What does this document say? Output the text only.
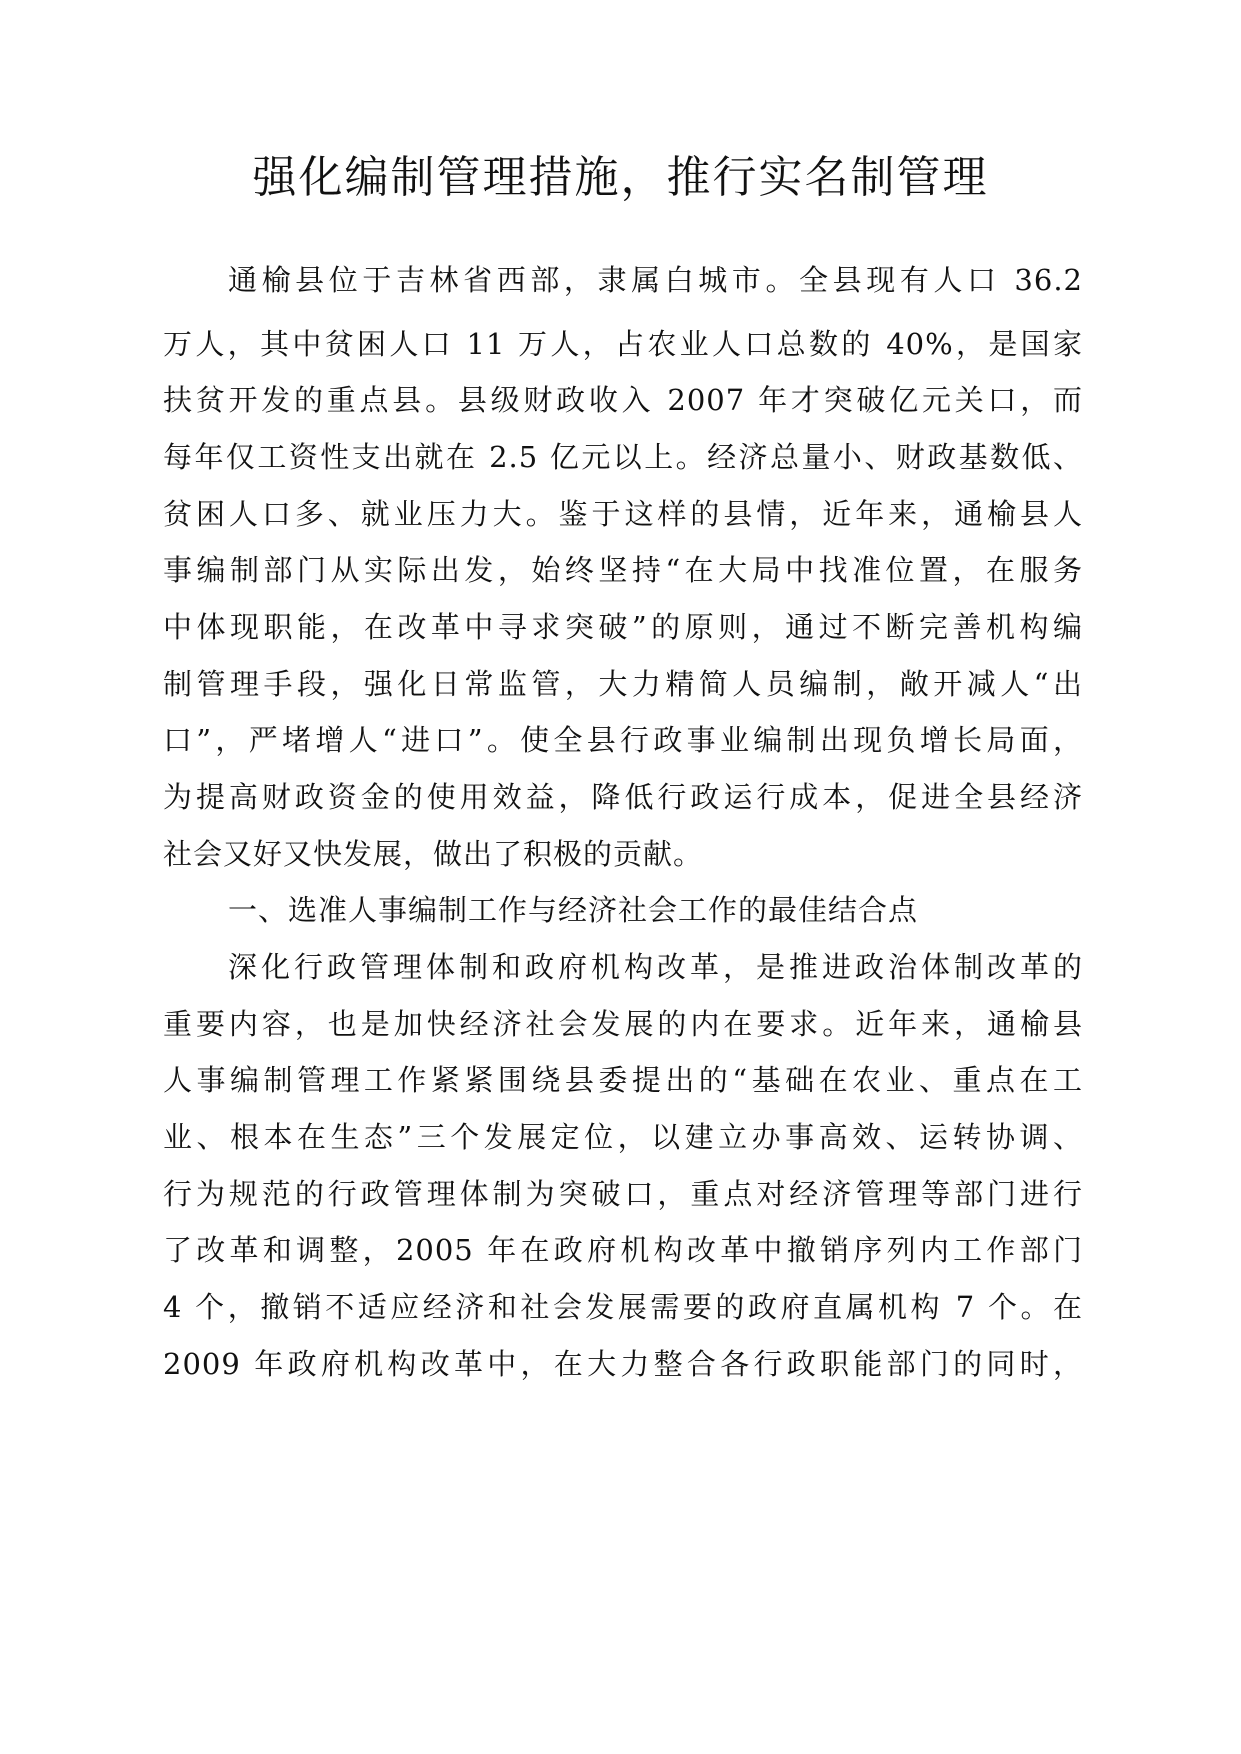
强化编制管理措施，推行实名制管理
通榆县位于吉林省西部，隶属白城市。全县现有人口 36.2
万人，其中贫困人口 11 万人，占农业人口总数的 40%，是国家
扶贫开发的重点县。县级财政收入 2007 年才突破亿元关口，而
每年仅工资性支出就在 2.5 亿元以上。经济总量小、财政基数低、
贫困人口多、就业压力大。鉴于这样的县情，近年来，通榆县人
事编制部门从实际出发，始终坚持“在大局中找准位置，在服务
中体现职能，在改革中寻求突破”的原则，通过不断完善机构编
制管理手段，强化日常监管，大力精简人员编制，敞开减人“出
口”，严堵增人“进口”。使全县行政事业编制出现负增长局面，
为提高财政资金的使用效益，降低行政运行成本，促进全县经济
社会又好又快发展，做出了积极的贡献。
一、选准人事编制工作与经济社会工作的最佳结合点
深化行政管理体制和政府机构改革，是推进政治体制改革的
重要内容，也是加快经济社会发展的内在要求。近年来，通榆县
人事编制管理工作紧紧围绕县委提出的“基础在农业、重点在工
业、根本在生态”三个发展定位，以建立办事高效、运转协调、
行为规范的行政管理体制为突破口，重点对经济管理等部门进行
了改革和调整，2005 年在政府机构改革中撤销序列内工作部门
4 个，撤销不适应经济和社会发展需要的政府直属机构 7 个。在
2009 年政府机构改革中，在大力整合各行政职能部门的同时，
